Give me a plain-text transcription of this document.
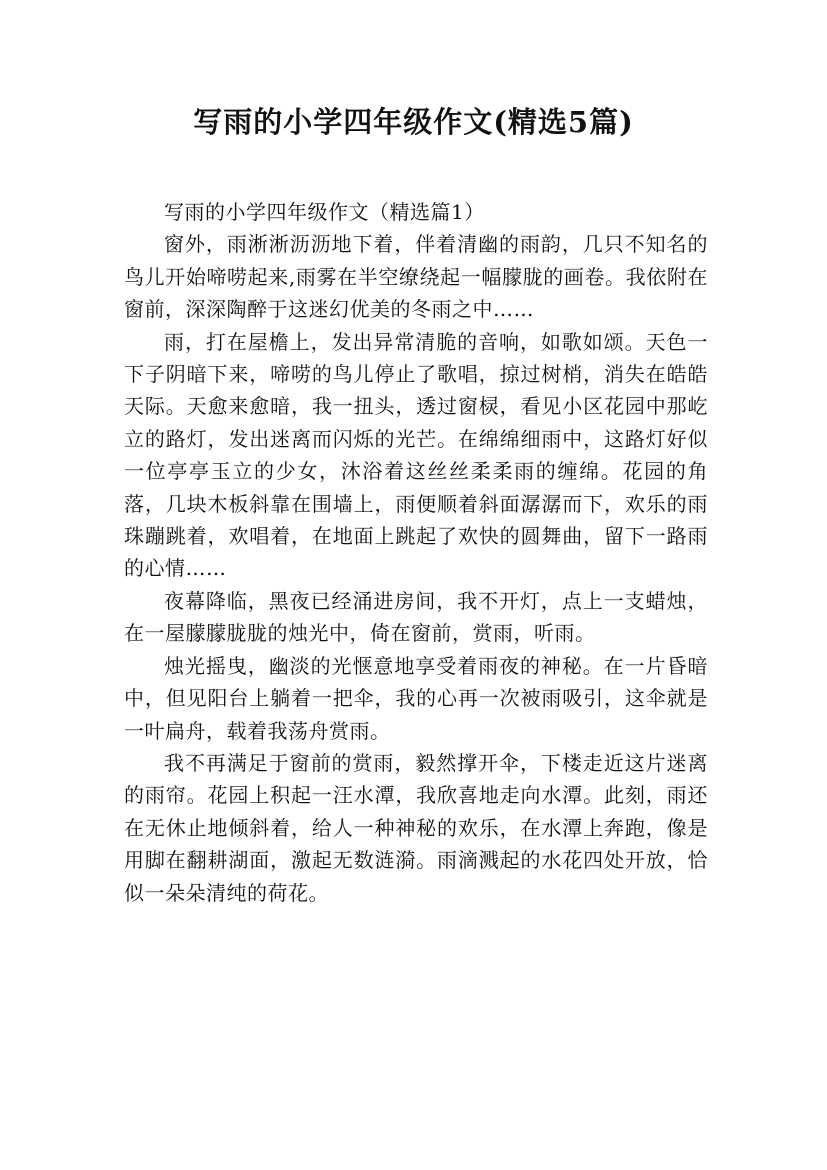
写雨的小学四年级作文(精选5篇)

写雨的小学四年级作文（精选篇1）

窗外，雨淅淅沥沥地下着，伴着清幽的雨韵，几只不知名的鸟儿开始啼唠起来,雨雾在半空缭绕起一幅朦胧的画卷。我依附在窗前，深深陶醉于这迷幻优美的冬雨之中……

雨，打在屋檐上，发出异常清脆的音响，如歌如颂。天色一下子阴暗下来，啼唠的鸟儿停止了歌唱，掠过树梢，消失在皓皓天际。天愈来愈暗，我一扭头，透过窗棂，看见小区花园中那屹立的路灯，发出迷离而闪烁的光芒。在绵绵细雨中，这路灯好似一位亭亭玉立的少女，沐浴着这丝丝柔柔雨的缠绵。花园的角落，几块木板斜靠在围墙上，雨便顺着斜面潺潺而下，欢乐的雨珠蹦跳着，欢唱着，在地面上跳起了欢快的圆舞曲，留下一路雨的心情……

夜幕降临，黑夜已经涌进房间，我不开灯，点上一支蜡烛，在一屋朦朦胧胧的烛光中，倚在窗前，赏雨，听雨。

烛光摇曳，幽淡的光惬意地享受着雨夜的神秘。在一片昏暗中，但见阳台上躺着一把伞，我的心再一次被雨吸引，这伞就是一叶扁舟，载着我荡舟赏雨。

我不再满足于窗前的赏雨，毅然撑开伞，下楼走近这片迷离的雨帘。花园上积起一汪水潭，我欣喜地走向水潭。此刻，雨还在无休止地倾斜着，给人一种神秘的欢乐，在水潭上奔跑，像是用脚在翻耕湖面，激起无数涟漪。雨滴溅起的水花四处开放，恰似一朵朵清纯的荷花。
